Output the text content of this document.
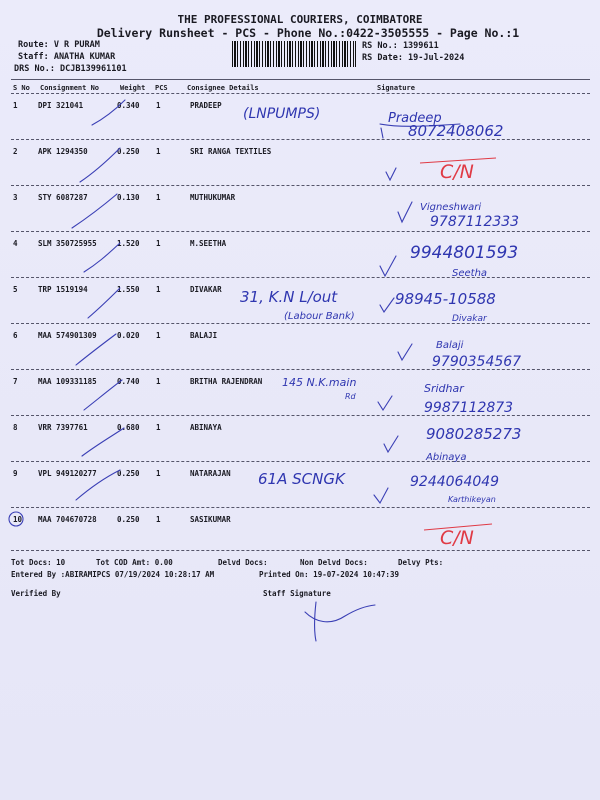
THE PROFESSIONAL COURIERS, COIMBATORE
Delivery Runsheet - PCS - Phone No.:0422-3505555 - Page No.:1
Route: V R PURAM
Staff: ANATHA KUMAR
DRS No.: DCJB139961101
RS No.: 1399611
RS Date: 19-Jul-2024
S No Consignment No	Weight PCS	Consignee Details	Signature
1	DPI 321041	0.340 1	PRADEEP
2	APK 1294350	0.250 1	SRI RANGA TEXTILES
3	STY 6087287	0.130 1	MUTHUKUMAR
4	SLM 350725955	1.520 1	M.SEETHA
5	TRP 1519194	1.550 1	DIVAKAR
6	MAA 574901309	0.020 1	BALAJI
7	MAA 109331185	0.740 1	BRITHA RAJENDRAN
8	VRR 7397761	0.680 1	ABINAYA
9	VPL 949120277	0.250 1	NATARAJAN
10 MAA 704670728	0.250 1	SASIKUMAR
Tot Docs: 10	Tot COD Amt: 0.00	Delvd Docs:	Non Delvd Docs:	Delvy Pts:
Entered By :ABIRAMIPCS 07/19/2024 10:28:17 AM	Printed On: 19-07-2024 10:47:39
Verified By	Staff Signature
(LNPUMPS)	Pradeep
8072408062
Vigneshwari
9787112333
9944801593
Seetha
31, K.N L/out
(Labour Bank)
98945-10588
Divakar
Balaji
9790354567
145 N.K.main
Rd
Sridhar
9987112873
9080285273
Abinaya
61A SCNGK	9244064049
Karthikeyan
C/N
C/N
